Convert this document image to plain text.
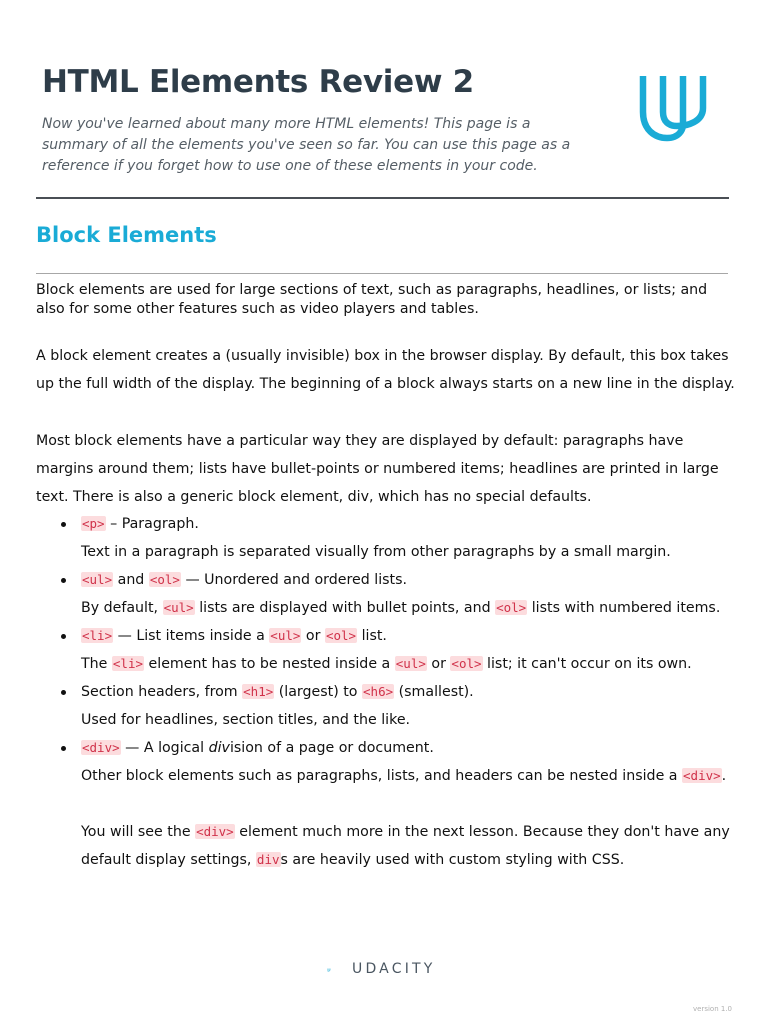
HTML Elements Review 2

Now you've learned about many more HTML elements! This page is a summary of all the elements you've seen so far. You can use this page as a reference if you forget how to use one of these elements in your code.

Block Elements

Block elements are used for large sections of text, such as paragraphs, headlines, or lists; and also for some other features such as video players and tables.

A block element creates a (usually invisible) box in the browser display. By default, this box takes up the full width of the display. The beginning of a block always starts on a new line in the display.

Most block elements have a particular way they are displayed by default: paragraphs have margins around them; lists have bullet-points or numbered items; headlines are printed in large text. There is also a generic block element, div, which has no special defaults.

<p> – Paragraph.
Text in a paragraph is separated visually from other paragraphs by a small margin.
<ul> and <ol> — Unordered and ordered lists.
By default, <ul> lists are displayed with bullet points, and <ol> lists with numbered items.
<li> — List items inside a <ul> or <ol> list.
The <li> element has to be nested inside a <ul> or <ol> list; it can't occur on its own.
Section headers, from <h1> (largest) to <h6> (smallest).
Used for headlines, section titles, and the like.
<div> — A logical division of a page or document.
Other block elements such as paragraphs, lists, and headers can be nested inside a <div>.
You will see the <div> element much more in the next lesson. Because they don't have any
default display settings, divs are heavily used with custom styling with CSS.
UDACITY
version 1.0
